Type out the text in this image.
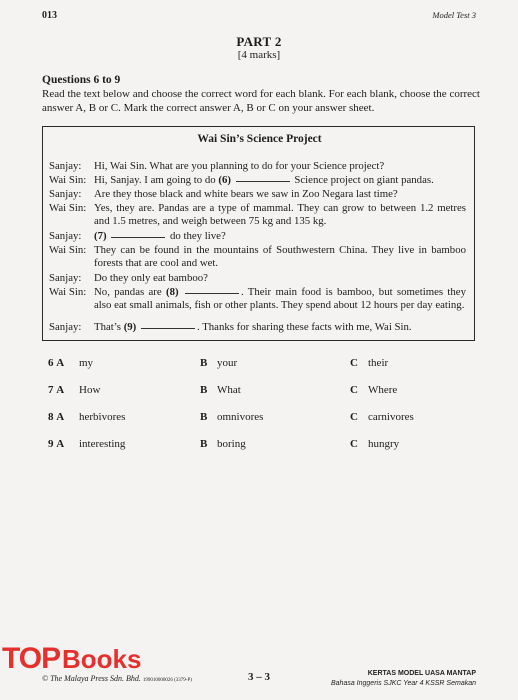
013	Model Test 3
PART 2
[4 marks]
Questions 6 to 9
Read the text below and choose the correct word for each blank. For each blank, choose the correct answer A, B or C. Mark the correct answer A, B or C on your answer sheet.
Wai Sin’s Science Project
Sanjay:	Hi, Wai Sin. What are you planning to do for your Science project?
Wai Sin: Hi, Sanjay. I am going to do (6)	Science project on giant pandas.
Sanjay:	Are they those black and white bears we saw in Zoo Negara last time?
Wai Sin: Yes, they are. Pandas are a type of mammal. They can grow to between 1.2 metres and 1.5 metres, and weigh between 75 kg and 135 kg.
Sanjay:	(7)	do they live?
Wai Sin: They can be found in the mountains of Southwestern China. They live in bamboo forests that are cool and wet.
Sanjay:	Do they only eat bamboo?
Wai Sin: No, pandas are (8)	. Their main food is bamboo, but sometimes they also eat small animals, fish or other plants. They spend about 12 hours per day eating.
Sanjay:	That’s (9)	. Thanks for sharing these facts with me, Wai Sin.
6 A my	B your	C their
7 A How	B What	C Where
8 A herbivores	B omnivores	C carnivores
9 A interesting	B boring	C hungry
TOP Books
© The Malaya Press Sdn. Bhd. 199010000026 (3379-P)	3 – 3	KERTAS MODEL UASA MANTAP
Bahasa Inggeris SJKC Year 4 KSSR Semakan
